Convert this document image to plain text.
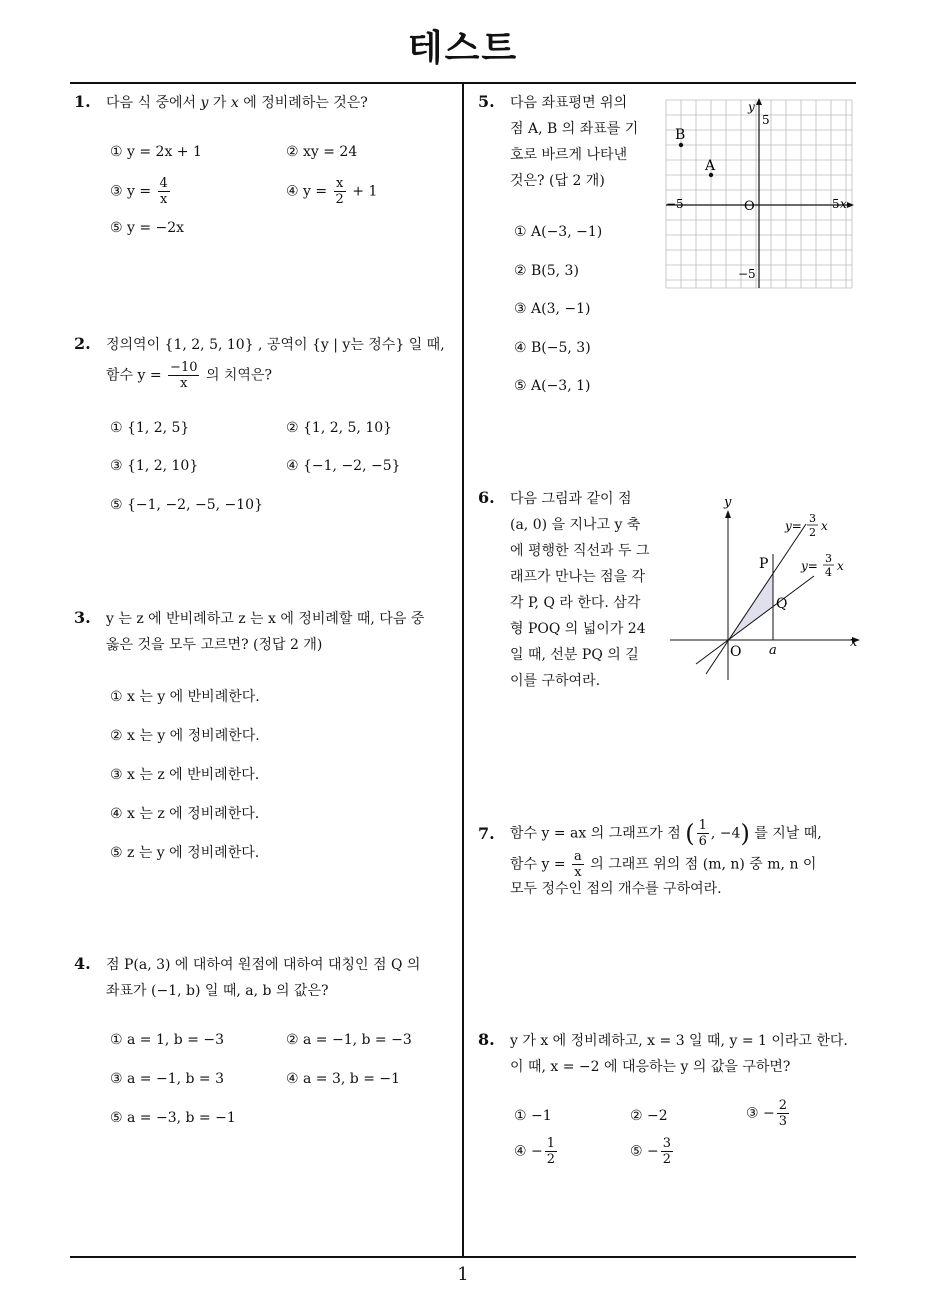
테스트
1. 다음 식 중에서 y 가 x 에 정비례하는 것은?
① y = 2x + 1	② xy = 24
③ $y = \frac{4}{x}$	④ $y = \frac{x}{2} + 1$
⑤ y = −2x
2. 정의역이 {1, 2, 5, 10} , 공역이 {y | y는 정수} 일 때,
함수 $y = \frac{-10}{x}$ 의 치역은?
① {1, 2, 5}	② {1, 2, 5, 10}
③ {1, 2, 10}	④ {−1, −2, −5}
⑤ {−1, −2, −5, −10}
3. y 는 z 에 반비례하고 z 는 x 에 정비례할 때, 다음 중
옳은 것을 모두 고르면? (정답 2 개)
① x 는 y 에 반비례한다.
② x 는 y 에 정비례한다.
③ x 는 z 에 반비례한다.
④ x 는 z 에 정비례한다.
⑤ z 는 y 에 정비례한다.
4. 점 P(a, 3) 에 대하여 원점에 대하여 대칭인 점 Q 의
좌표가 (−1, b) 일 때, a, b 의 값은?
① a = 1, b = −3	② a = −1, b = −3
③ a = −1, b = 3	④ a = 3, b = −1
⑤ a = −3, b = −1
5. 다음 좌표평면 위의
점 A, B 의 좌표를 기
호로 바르게 나타낸
것은? (답 2 개)
① A(−3, −1)
② B(5, 3)
③ A(3, −1)
④ B(−5, 3)
⑤ A(−3, 1)
y
5
−5	O	5 x
−5
B
A
6. 다음 그림과 같이 점
(a, 0) 을 지나고 y 축
에 평행한 직선과 두 그
래프가 만나는 점을 각
각 P, Q 라 한다. 삼각
형 POQ 의 넓이가 24
일 때, 선분 PQ 의 길
이를 구하여라.
y
x
P
Q
O a
y=
3
2 x
y=
3
4 x
7. 함수 y = ax 의 그래프가 점 ( $\frac{1}{6}$ , −4) 를 지날 때,
함수 $y = \frac{a}{x}$ 의 그래프 위의 점 (m, n) 중 m, n 이
모두 정수인 점의 개수를 구하여라.
8. y 가 x 에 정비례하고, x = 3 일 때, y = 1 이라고 한다.
이 때, x = −2 에 대응하는 y 의 값을 구하면?
① −1	② −2	③ − $\frac{2}{3}$
④ − $\frac{1}{2}$	⑤ − $\frac{3}{2}$
1
